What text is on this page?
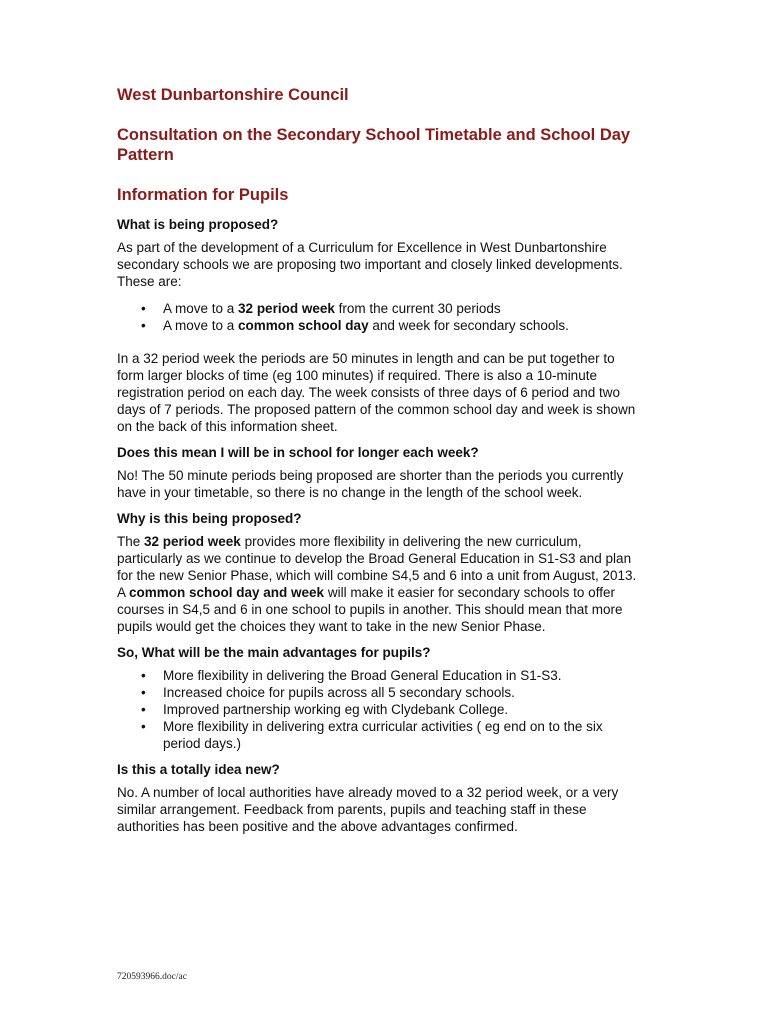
West Dunbartonshire Council
Consultation on the Secondary School Timetable and School Day Pattern
Information for Pupils
What is being proposed?

As part of the development of a Curriculum for Excellence in West Dunbartonshire secondary schools we are proposing two important and closely linked developments. These are:

• A move to a 32 period week from the current 30 periods
• A move to a common school day and week for secondary schools.

In a 32 period week the periods are 50 minutes in length and can be put together to form larger blocks of time (eg 100 minutes) if required. There is also a 10-minute registration period on each day. The week consists of three days of 6 period and two days of 7 periods. The proposed pattern of the common school day and week is shown on the back of this information sheet.

Does this mean I will be in school for longer each week?

No! The 50 minute periods being proposed are shorter than the periods you currently have in your timetable, so there is no change in the length of the school week.

Why is this being proposed?

The 32 period week provides more flexibility in delivering the new curriculum, particularly as we continue to develop the Broad General Education in S1-S3 and plan for the new Senior Phase, which will combine S4,5 and 6 into a unit from August, 2013. A common school day and week will make it easier for secondary schools to offer courses in S4,5 and 6 in one school to pupils in another. This should mean that more pupils would get the choices they want to take in the new Senior Phase.

So, What will be the main advantages for pupils?
• More flexibility in delivering the Broad General Education in S1-S3.
• Increased choice for pupils across all 5 secondary schools.
• Improved partnership working eg with Clydebank College.
• More flexibility in delivering extra curricular activities ( eg end on to the six period days.)
Is this a totally idea new?

No. A number of local authorities have already moved to a 32 period week, or a very similar arrangement. Feedback from parents, pupils and teaching staff in these authorities has been positive and the above advantages confirmed.

720593966.doc/ac
